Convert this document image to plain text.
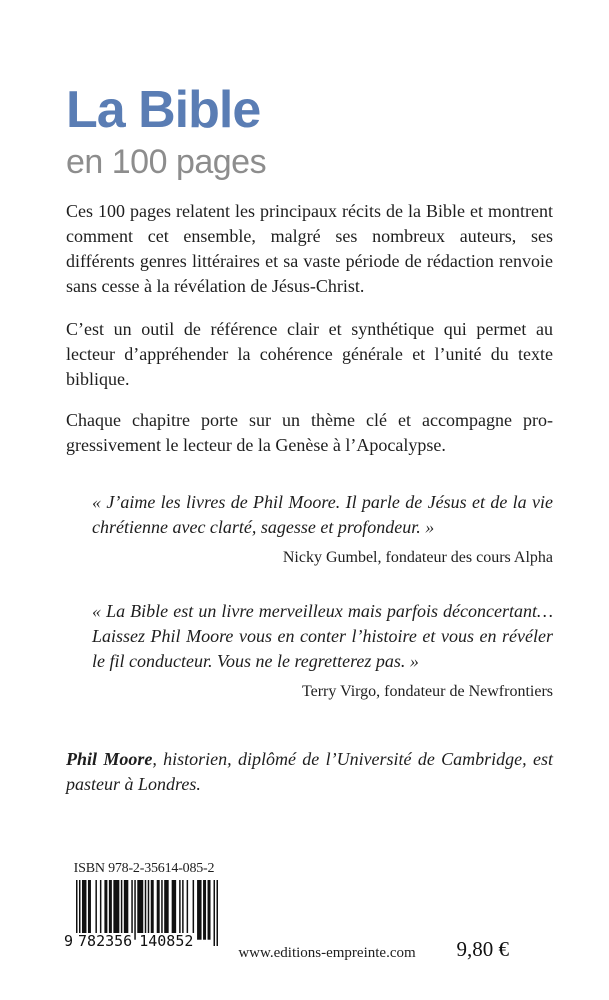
La Bible
en 100 pages

Ces 100 pages relatent les principaux récits de la Bible et montrent comment cet ensemble, malgré ses nombreux auteurs, ses différents genres littéraires et sa vaste période de rédaction renvoie sans cesse à la révélation de Jésus-Christ.

C’est un outil de référence clair et synthétique qui permet au lecteur d’appréhender la cohérence générale et l’unité du texte biblique.

Chaque chapitre porte sur un thème clé et accompagne progressivement le lecteur de la Genèse à l’Apocalypse.

« J’aime les livres de Phil Moore. Il parle de Jésus et de la vie chrétienne avec clarté, sagesse et profondeur. »

Nicky Gumbel, fondateur des cours Alpha

« La Bible est un livre merveilleux mais parfois déconcertant… Laissez Phil Moore vous en conter l’histoire et vous en révéler le fil conducteur. Vous ne le regretterez pas. »

Terry Virgo, fondateur de Newfrontiers

Phil Moore, historien, diplômé de l’Université de Cambridge, est pasteur à Londres.

ISBN 978-2-35614-085-2
9 782356 140852
www.editions-empreinte.com 9,80 €
